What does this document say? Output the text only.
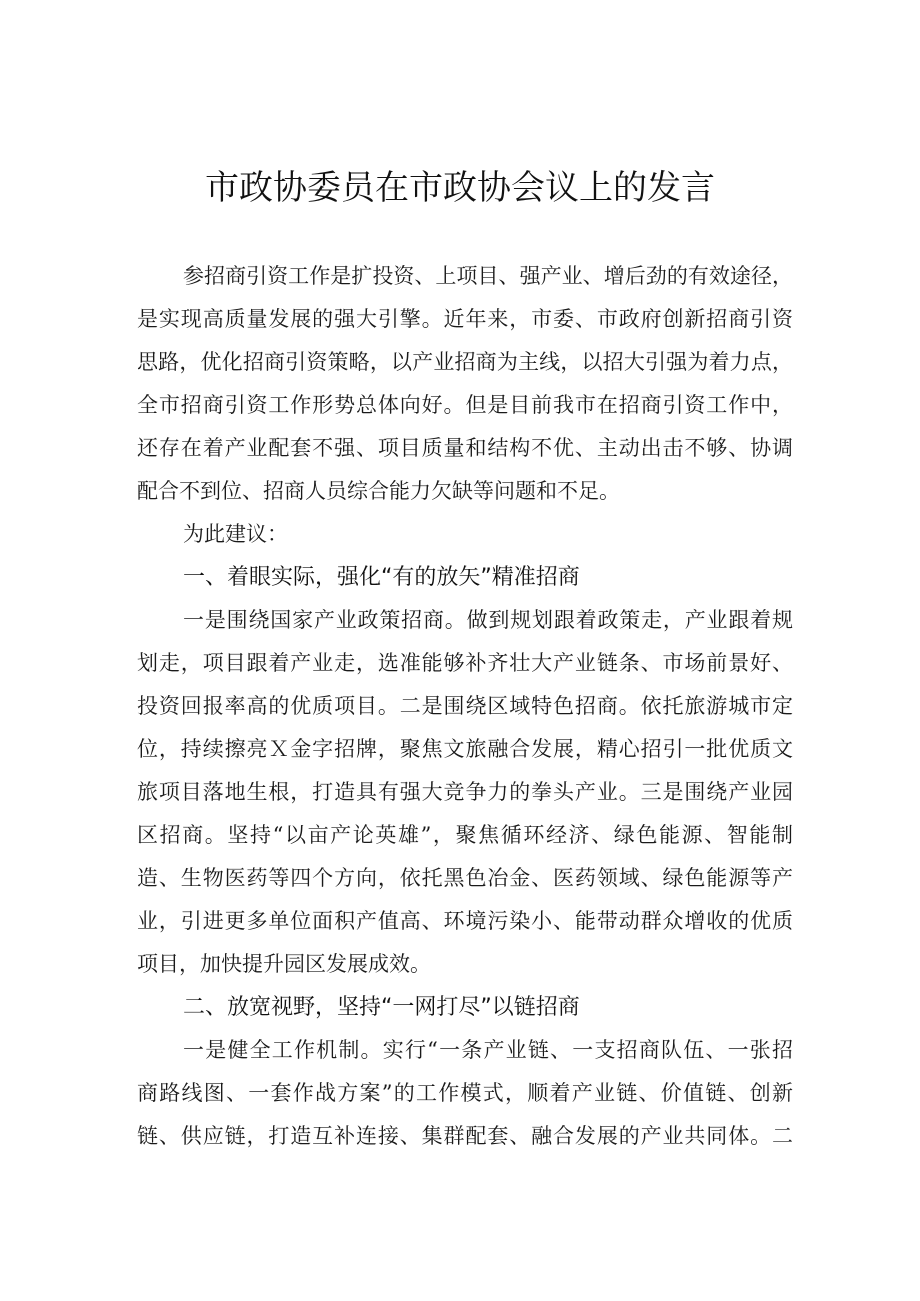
市政协委员在市政协会议上的发言
参招商引资工作是扩投资、上项目、强产业、增后劲的有效途径，
是实现高质量发展的强大引擎。近年来，市委、市政府创新招商引资
思路，优化招商引资策略，以产业招商为主线，以招大引强为着力点，
全市招商引资工作形势总体向好。但是目前我市在招商引资工作中，
还存在着产业配套不强、项目质量和结构不优、主动出击不够、协调
配合不到位、招商人员综合能力欠缺等问题和不足。
为此建议：
一、着眼实际，强化“有的放矢”精准招商
一是围绕国家产业政策招商。做到规划跟着政策走，产业跟着规
划走，项目跟着产业走，选准能够补齐壮大产业链条、市场前景好、
投资回报率高的优质项目。二是围绕区域特色招商。依托旅游城市定
位，持续擦亮Ｘ金字招牌，聚焦文旅融合发展，精心招引一批优质文
旅项目落地生根，打造具有强大竞争力的拳头产业。三是围绕产业园
区招商。坚持“以亩产论英雄”，聚焦循环经济、绿色能源、智能制
造、生物医药等四个方向，依托黑色冶金、医药领域、绿色能源等产
业，引进更多单位面积产值高、环境污染小、能带动群众增收的优质
项目，加快提升园区发展成效。
二、放宽视野，坚持“一网打尽”以链招商
一是健全工作机制。实行“一条产业链、一支招商队伍、一张招
商路线图、一套作战方案”的工作模式，顺着产业链、价值链、创新
链、供应链，打造互补连接、集群配套、融合发展的产业共同体。二
